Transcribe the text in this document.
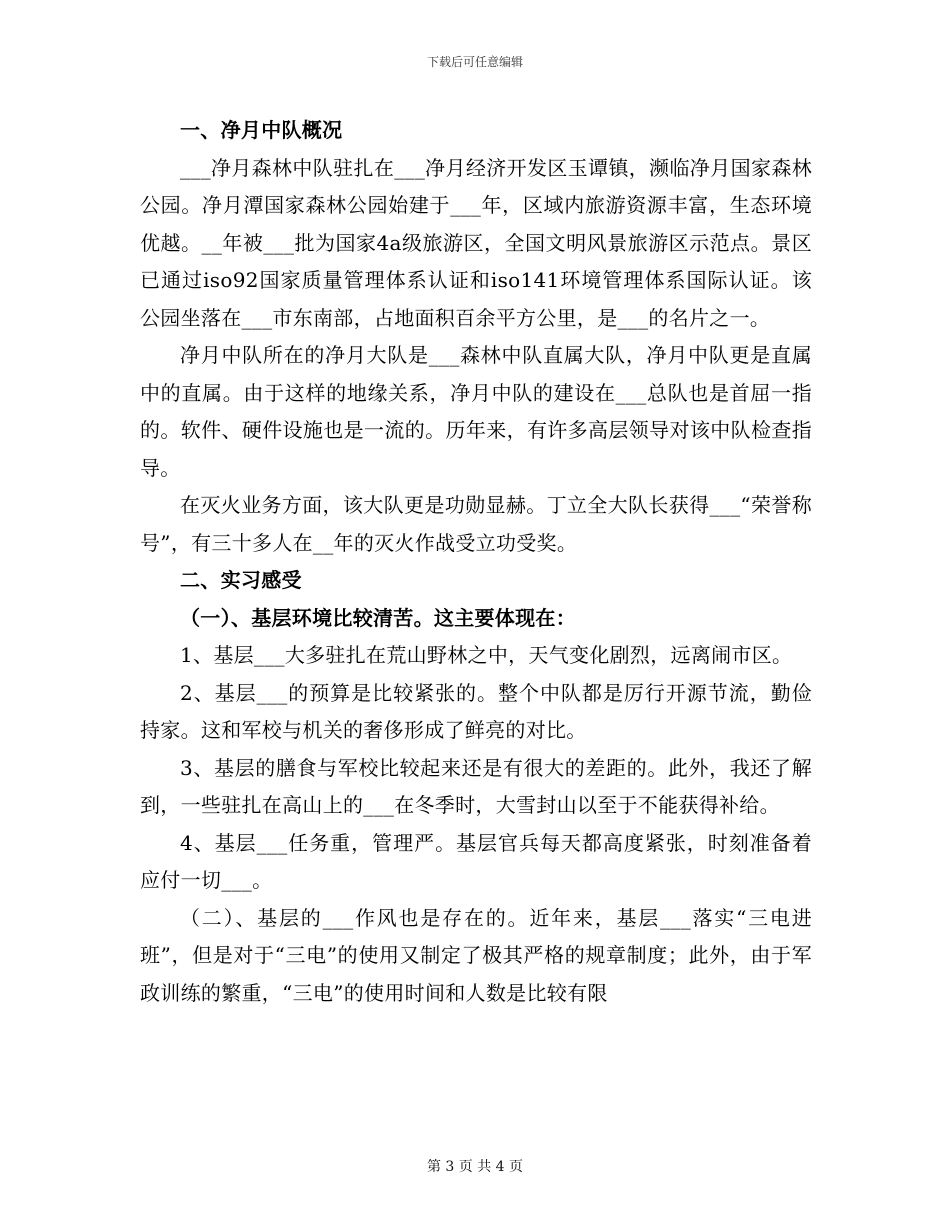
下载后可任意编辑

一、净月中队概况

___净月森林中队驻扎在___净月经济开发区玉谭镇，濒临净月国家森林公园。净月潭国家森林公园始建于___年，区域内旅游资源丰富，生态环境优越。__年被___批为国家4a级旅游区，全国文明风景旅游区示范点。景区已通过iso92国家质量管理体系认证和iso141环境管理体系国际认证。该公园坐落在___市东南部，占地面积百余平方公里，是___的名片之一。

净月中队所在的净月大队是___森林中队直属大队，净月中队更是直属中的直属。由于这样的地缘关系，净月中队的建设在___总队也是首屈一指的。软件、硬件设施也是一流的。历年来，有许多高层领导对该中队检查指导。

在灭火业务方面，该大队更是功勋显赫。丁立全大队长获得___“荣誉称号”，有三十多人在__年的灭火作战受立功受奖。

二、实习感受

（一）、基层环境比较清苦。这主要体现在：

1、基层___大多驻扎在荒山野林之中，天气变化剧烈，远离闹市区。

2、基层___的预算是比较紧张的。整个中队都是厉行开源节流，勤俭持家。这和军校与机关的奢侈形成了鲜亮的对比。

3、基层的膳食与军校比较起来还是有很大的差距的。此外，我还了解到，一些驻扎在高山上的___在冬季时，大雪封山以至于不能获得补给。

4、基层___任务重，管理严。基层官兵每天都高度紧张，时刻准备着应付一切___。

（二）、基层的___作风也是存在的。近年来，基层___落实“三电进班”，但是对于“三电”的使用又制定了极其严格的规章制度；此外，由于军政训练的繁重，“三电”的使用时间和人数是比较有限

第 3 页 共 4 页
